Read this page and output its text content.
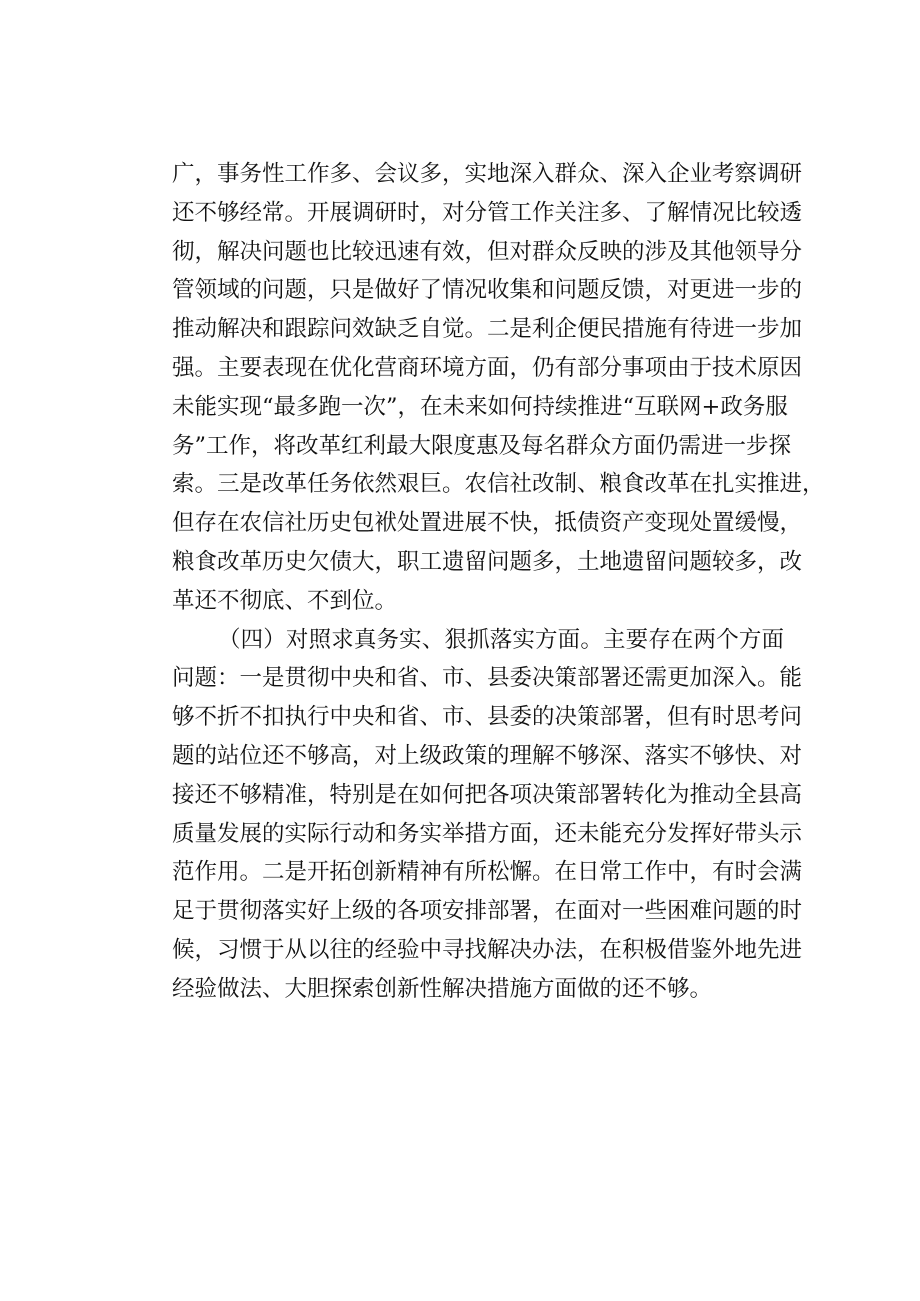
广，事务性工作多、会议多，实地深入群众、深入企业考察调研
还不够经常。开展调研时，对分管工作关注多、了解情况比较透
彻，解决问题也比较迅速有效，但对群众反映的涉及其他领导分
管领域的问题，只是做好了情况收集和问题反馈，对更进一步的
推动解决和跟踪问效缺乏自觉。二是利企便民措施有待进一步加
强。主要表现在优化营商环境方面，仍有部分事项由于技术原因
未能实现“最多跑一次”，在未来如何持续推进“互联网+政务服
务”工作，将改革红利最大限度惠及每名群众方面仍需进一步探
索。三是改革任务依然艰巨。农信社改制、粮食改革在扎实推进，
但存在农信社历史包袱处置进展不快，抵债资产变现处置缓慢，
粮食改革历史欠债大，职工遗留问题多，土地遗留问题较多，改
革还不彻底、不到位。
（四）对照求真务实、狠抓落实方面。主要存在两个方面
问题：一是贯彻中央和省、市、县委决策部署还需更加深入。能
够不折不扣执行中央和省、市、县委的决策部署，但有时思考问
题的站位还不够高，对上级政策的理解不够深、落实不够快、对
接还不够精准，特别是在如何把各项决策部署转化为推动全县高
质量发展的实际行动和务实举措方面，还未能充分发挥好带头示
范作用。二是开拓创新精神有所松懈。在日常工作中，有时会满
足于贯彻落实好上级的各项安排部署，在面对一些困难问题的时
候，习惯于从以往的经验中寻找解决办法，在积极借鉴外地先进
经验做法、大胆探索创新性解决措施方面做的还不够。
